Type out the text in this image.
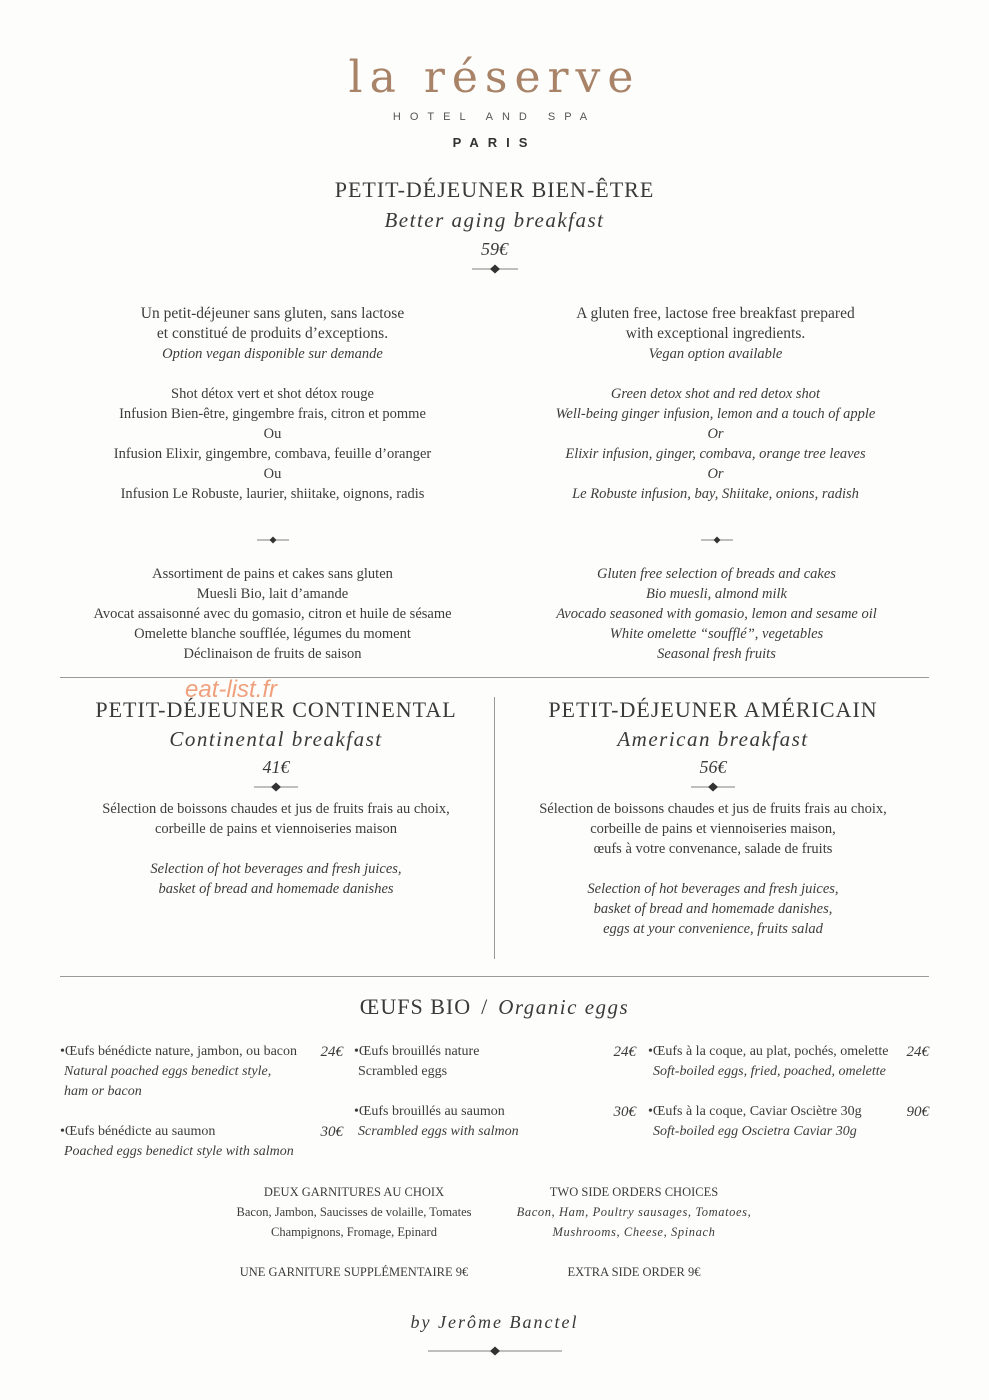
la réserve
HOTEL AND SPA
PARIS
PETIT-DÉJEUNER BIEN-ÊTRE
Better aging breakfast
59€
Un petit-déjeuner sans gluten, sans lactose
et constitué de produits d’exceptions.
Option vegan disponible sur demande
A gluten free, lactose free breakfast prepared
with exceptional ingredients.
Vegan option available
Shot détox vert et shot détox rouge
Infusion Bien-être, gingembre frais, citron et pomme
Ou
Infusion Elixir, gingembre, combava, feuille d’oranger
Ou
Infusion Le Robuste, laurier, shiitake, oignons, radis
Green detox shot and red detox shot
Well-being ginger infusion, lemon and a touch of apple
Or
Elixir infusion, ginger, combava, orange tree leaves
Or
Le Robuste infusion, bay, Shiitake, onions, radish
Assortiment de pains et cakes sans gluten
Muesli Bio, lait d’amande
Avocat assaisonné avec du gomasio, citron et huile de sésame
Omelette blanche soufflée, légumes du moment
Déclinaison de fruits de saison
Gluten free selection of breads and cakes
Bio muesli, almond milk
Avocado seasoned with gomasio, lemon and sesame oil
White omelette “soufflé”, vegetables
Seasonal fresh fruits
eat-list.fr
PETIT-DÉJEUNER CONTINENTAL
Continental breakfast
41€
Sélection de boissons chaudes et jus de fruits frais au choix,
corbeille de pains et viennoiseries maison
Selection of hot beverages and fresh juices,
basket of bread and homemade danishes
PETIT-DÉJEUNER AMÉRICAIN
American breakfast
56€
Sélection de boissons chaudes et jus de fruits frais au choix,
corbeille de pains et viennoiseries maison,
œufs à votre convenance, salade de fruits
Selection of hot beverages and fresh juices,
basket of bread and homemade danishes,
eggs at your convenience, fruits salad
ŒUFS BIO / Organic eggs
•Œufs bénédicte nature, jambon, ou bacon 24€
Natural poached eggs benedict style,
ham or bacon
•Œufs bénédicte au saumon	30€
Poached eggs benedict style with salmon
•Œufs brouillés nature	24€
Scrambled eggs
•Œufs brouillés au saumon	30€
Scrambled eggs with salmon
•Œufs à la coque, au plat, pochés, omelette 24€
Soft-boiled eggs, fried, poached, omelette
•Œufs à la coque, Caviar Osciètre 30g	90€
Soft-boiled egg Oscietra Caviar 30g
DEUX GARNITURES AU CHOIX
Bacon, Jambon, Saucisses de volaille, Tomates
Champignons, Fromage, Epinard
TWO SIDE ORDERS CHOICES
Bacon, Ham, Poultry sausages, Tomatoes,
Mushrooms, Cheese, Spinach
UNE GARNITURE SUPPLÉMENTAIRE 9€	EXTRA SIDE ORDER 9€
by Jerôme Banctel
